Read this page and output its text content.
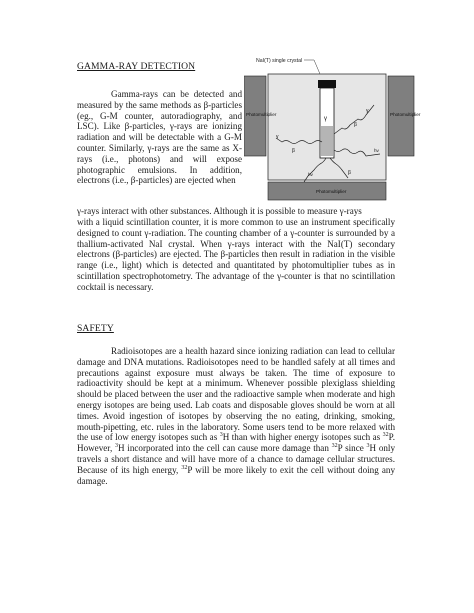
GAMMA-RAY DETECTION
Gamma-rays can be detected and measured by the same methods as β-particles (eg., G-M counter, autoradiography, and LSC). Like β-particles, γ-rays are ionizing radiation and will be detectable with a G-M counter. Similarly, γ-rays are the same as X-rays (i.e., photons) and will expose photographic emulsions. In addition, electrons (i.e., β-particles) are ejected when
γ-rays interact with other substances. Although it is possible to measure γ-rays
with a liquid scintillation counter, it is more common to use an instrument specifically designed to count γ-radiation. The counting chamber of a γ-counter is surrounded by a thallium-activated NaI crystal. When γ-rays interact with the NaI(T) secondary electrons (β-particles) are ejected. The β-particles then result in radiation in the visible range (i.e., light) which is detected and quantitated by photomultiplier tubes as in scintillation spectrophotometry. The advantage of the γ-counter is that no scintillation cocktail is necessary.
NaI(T) single crystal
Photomultiplier	Photomultiplier
Photomultiplier
γ
γ
β
γ
β
hν
hν	β
SAFETY
Radioisotopes are a health hazard since ionizing radiation can lead to cellular damage and DNA mutations. Radioisotopes need to be handled safely at all times and precautions against exposure must always be taken. The time of exposure to radioactivity should be kept at a minimum. Whenever possible plexiglass shielding should be placed between the user and the radioactive sample when moderate and high energy isotopes are being used. Lab coats and disposable gloves should be worn at all times. Avoid ingestion of isotopes by observing the no eating, drinking, smoking, mouth-pipetting, etc. rules in the laboratory. Some users tend to be more relaxed with the use of low energy isotopes such as $^3$H than with higher energy isotopes such as $^{32}$P. However, $^3$H incorporated into the cell can cause more damage than $^{32}$P since $^3$H only travels a short distance and will have more of a chance to damage cellular structures. Because of its high energy, $^{32}$P will be more likely to exit the cell without doing any damage.
